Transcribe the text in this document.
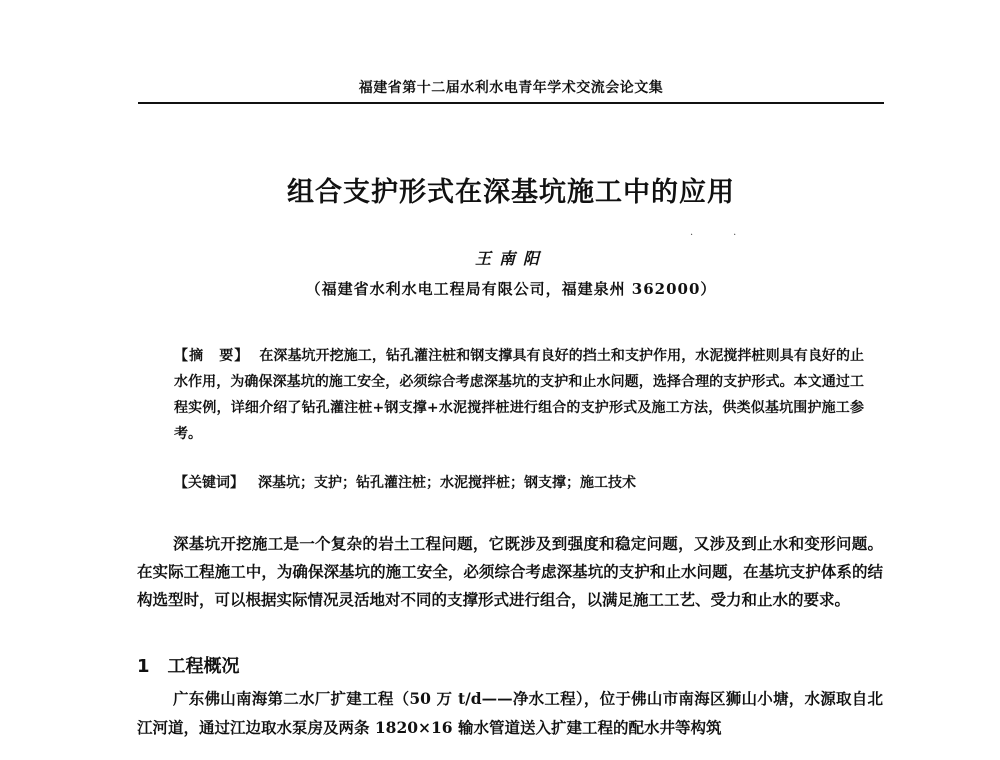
福建省第十二届水利水电青年学术交流会论文集
组合支护形式在深基坑施工中的应用
·　　　　·
王南阳
（福建省水利水电工程局有限公司，福建泉州 362000）
【摘　要】 在深基坑开挖施工，钻孔灌注桩和钢支撑具有良好的挡土和支护作用，水泥搅拌桩则具有良好的止水作用，为确保深基坑的施工安全，必须综合考虑深基坑的支护和止水问题，选择合理的支护形式。本文通过工程实例，详细介绍了钻孔灌注桩+钢支撑+水泥搅拌桩进行组合的支护形式及施工方法，供类似基坑围护施工参考。
【关键词】 深基坑；支护；钻孔灌注桩；水泥搅拌桩；钢支撑；施工技术
深基坑开挖施工是一个复杂的岩土工程问题，它既涉及到强度和稳定问题，又涉及到止水和变形问题。在实际工程施工中，为确保深基坑的施工安全，必须综合考虑深基坑的支护和止水问题，在基坑支护体系的结构选型时，可以根据实际情况灵活地对不同的支撑形式进行组合，以满足施工工艺、受力和止水的要求。
1 工程概况
广东佛山南海第二水厂扩建工程（50 万 t/d——净水工程），位于佛山市南海区狮山小塘，水源取自北江河道，通过江边取水泵房及两条 1820×16 输水管道送入扩建工程的配水井等构筑
